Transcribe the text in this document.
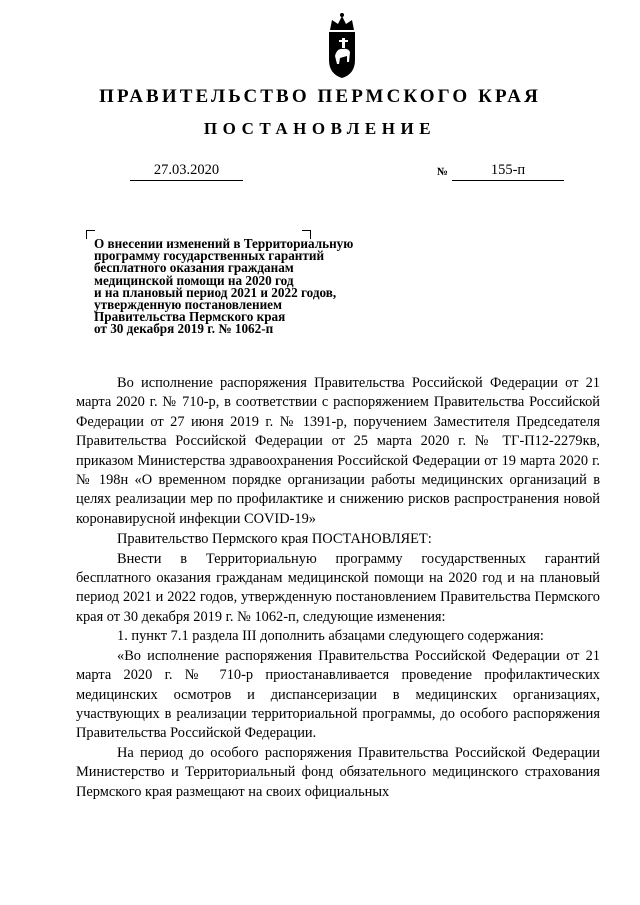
ПРАВИТЕЛЬСТВО ПЕРМСКОГО КРАЯ
ПОСТАНОВЛЕНИЕ
27.03.2020	№	155-п
О внесении изменений в Территориальную
программу государственных гарантий
бесплатного оказания гражданам
медицинской помощи на 2020 год
и на плановый период 2021 и 2022 годов,
утвержденную постановлением
Правительства Пермского края
от 30 декабря 2019 г. № 1062-п

Во исполнение распоряжения Правительства Российской Федерации от 21 марта 2020 г. № 710-р, в соответствии с распоряжением Правительства Российской Федерации от 27 июня 2019 г. № 1391-р, поручением Заместителя Председателя Правительства Российской Федерации от 25 марта 2020 г. № ТГ-П12-2279кв, приказом Министерства здравоохранения Российской Федерации от 19 марта 2020 г. № 198н «О временном порядке организации работы медицинских организаций в целях реализации мер по профилактике и снижению рисков распространения новой коронавирусной инфекции COVID-19»

Правительство Пермского края ПОСТАНОВЛЯЕТ:

Внести в Территориальную программу государственных гарантий бесплатного оказания гражданам медицинской помощи на 2020 год и на плановый период 2021 и 2022 годов, утвержденную постановлением Правительства Пермского края от 30 декабря 2019 г. № 1062-п, следующие изменения:

1. пункт 7.1 раздела III дополнить абзацами следующего содержания:

«Во исполнение распоряжения Правительства Российской Федерации от 21 марта 2020 г. № 710-р приостанавливается проведение профилактических медицинских осмотров и диспансеризации в медицинских организациях, участвующих в реализации территориальной программы, до особого распоряжения Правительства Российской Федерации.

На период до особого распоряжения Правительства Российской Федерации Министерство и Территориальный фонд обязательного медицинского страхования Пермского края размещают на своих официальных
